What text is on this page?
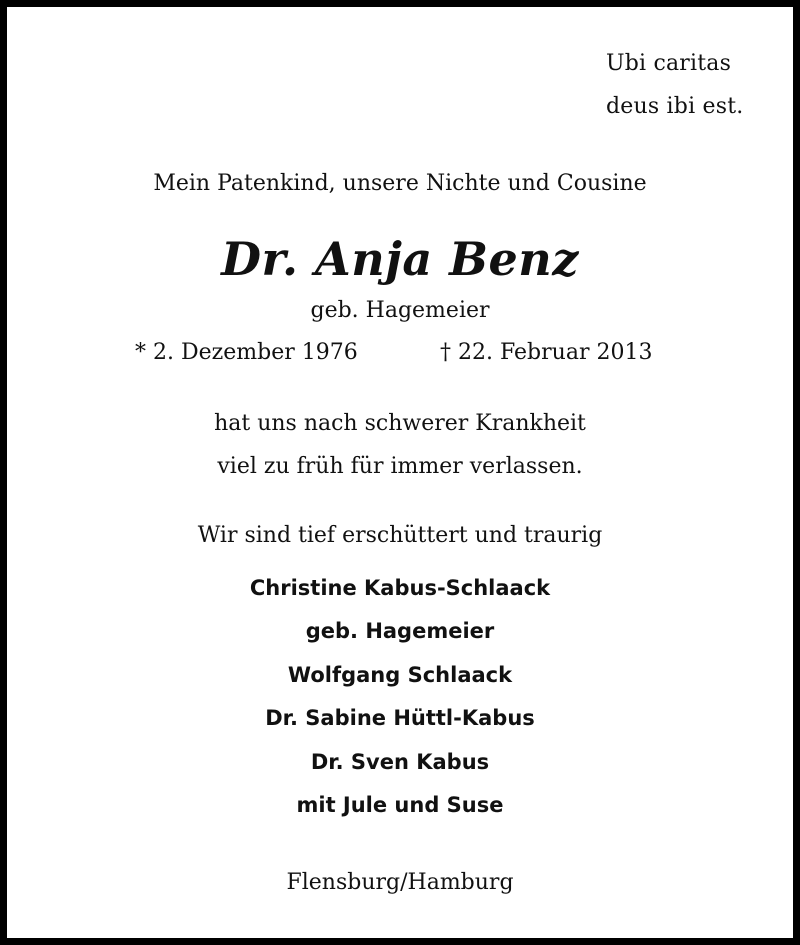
Ubi caritas
deus ibi est.
Mein Patenkind, unsere Nichte und Cousine
Dr. Anja Benz
geb. Hagemeier
* 2. Dezember 1976	† 22. Februar 2013
hat uns nach schwerer Krankheit
viel zu früh für immer verlassen.
Wir sind tief erschüttert und traurig
Christine Kabus-Schlaack
geb. Hagemeier
Wolfgang Schlaack
Dr. Sabine Hüttl-Kabus
Dr. Sven Kabus
mit Jule und Suse
Flensburg/Hamburg
